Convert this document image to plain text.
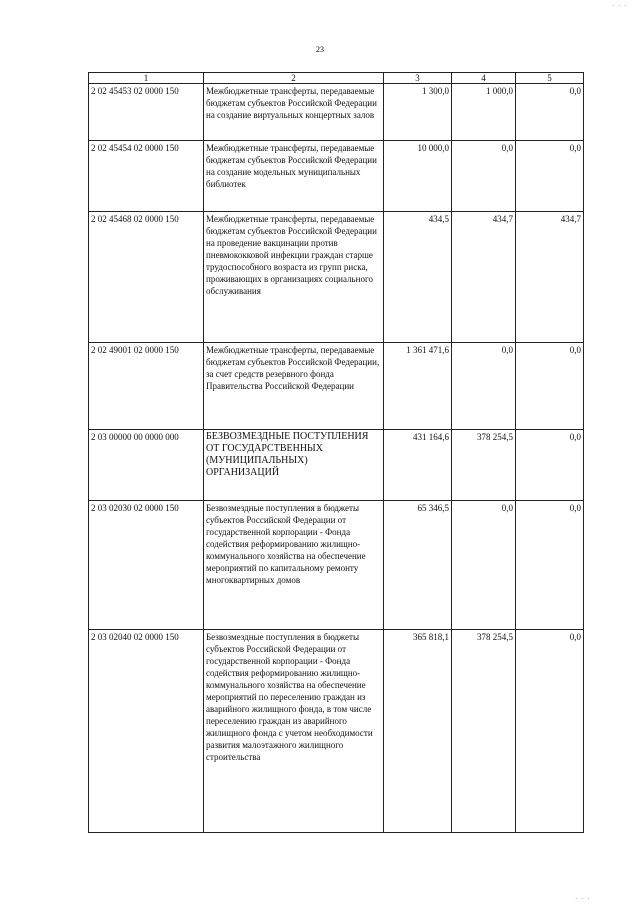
· · ·
23
1	2	3	4	5
2 02 45453 02 0000 150	Межбюджетные трансферты, передаваемые бюджетам субъектов Российской Федерации на создание виртуальных концертных залов	1 300,0	1 000,0	0,0
2 02 45454 02 0000 150	Межбюджетные трансферты, передаваемые бюджетам субъектов Российской Федерации на создание модельных муниципальных библиотек	10 000,0	0,0	0,0
2 02 45468 02 0000 150	Межбюджетные трансферты, передаваемые бюджетам субъектов Российской Федерации на проведение вакцинации против пневмококковой инфекции граждан старше трудоспособного возраста из групп риска, проживающих в организациях социального обслуживания	434,5	434,7	434,7
2 02 49001 02 0000 150	Межбюджетные трансферты, передаваемые бюджетам субъектов Российской Федерации, за счет средств резервного фонда Правительства Российской Федерации	1 361 471,6	0,0	0,0
2 03 00000 00 0000 000	БЕЗВОЗМЕЗДНЫЕ ПОСТУПЛЕНИЯ ОТ ГОСУДАРСТВЕННЫХ (МУНИЦИПАЛЬНЫХ) ОРГАНИЗАЦИЙ	431 164,6	378 254,5	0,0
2 03 02030 02 0000 150	Безвозмездные поступления в бюджеты субъектов Российской Федерации от государственной корпорации - Фонда содействия реформированию жилищно-коммунального хозяйства на обеспечение мероприятий по капитальному ремонту многоквартирных домов	65 346,5	0,0	0,0
2 03 02040 02 0000 150	Безвозмездные поступления в бюджеты субъектов Российской Федерации от государственной корпорации - Фонда содействия реформированию жилищно-коммунального хозяйства на обеспечение мероприятий по переселению граждан из аварийного жилищного фонда, в том числе переселению граждан из аварийного жилищного фонда с учетом необходимости развития малоэтажного жилищного строительства	365 818,1	378 254,5	0,0
· · ·
